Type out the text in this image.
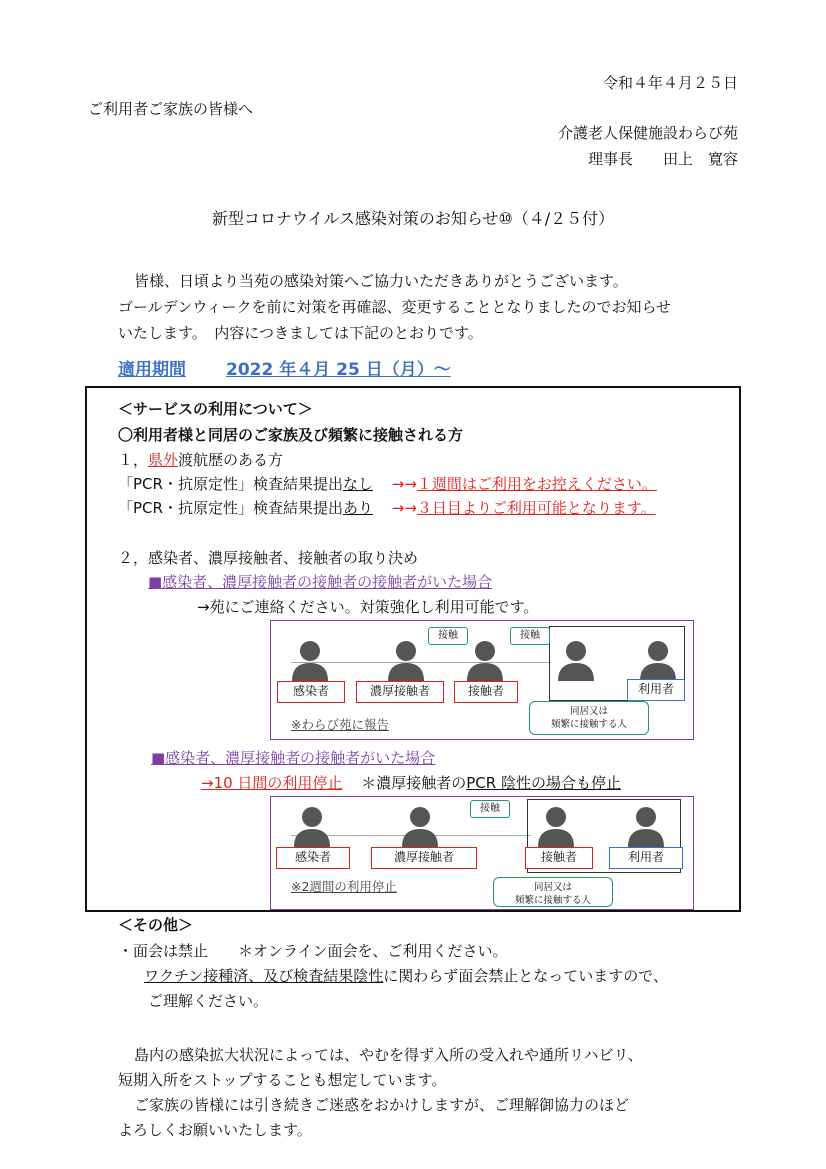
令和４年４月２５日
ご利用者ご家族の皆様へ
介護老人保健施設わらび苑
理事長　　田上　寛容
新型コロナウイルス感染対策のお知らせ⑩（４/２５付）
皆様、日頃より当苑の感染対策へご協力いただきありがとうございます。
ゴールデンウィークを前に対策を再確認、変更することとなりましたのでお知らせ
いたします。　内容につきましては下記のとおりです。
適用期間 2022 年４月 25 日（月）～
＜サービスの利用について＞
〇利用者様と同居のご家族及び頻繁に接触される方
１，県外渡航歴のある方
「PCR・抗原定性」検査結果提出なし →→１週間はご利用をお控えください。
「PCR・抗原定性」検査結果提出あり →→３日目よりご利用可能となります。
２，感染者、濃厚接触者、接触者の取り決め
■感染者、濃厚接触者の接触者の接触者がいた場合
→苑にご連絡ください。対策強化し利用可能です。
接触	接触
感染者	濃厚接触者	接触者	利用者
同居又は
頻繁に接触する人
※わらび苑に報告
■感染者、濃厚接触者の接触者がいた場合
→10 日間の利用停止 ＊濃厚接触者のPCR 陰性の場合も停止
接触
感染者	濃厚接触者	接触者	利用者
同居又は
頻繁に接触する人
※2週間の利用停止
＜その他＞
・面会は禁止　　＊オンライン面会を、ご利用ください。
ワクチン接種済、及び検査結果陰性に関わらず面会禁止となっていますので、
ご理解ください。
島内の感染拡大状況によっては、やむを得ず入所の受入れや通所リハビリ、
短期入所をストップすることも想定しています。
ご家族の皆様には引き続きご迷惑をおかけしますが、ご理解御協力のほど
よろしくお願いいたします。
